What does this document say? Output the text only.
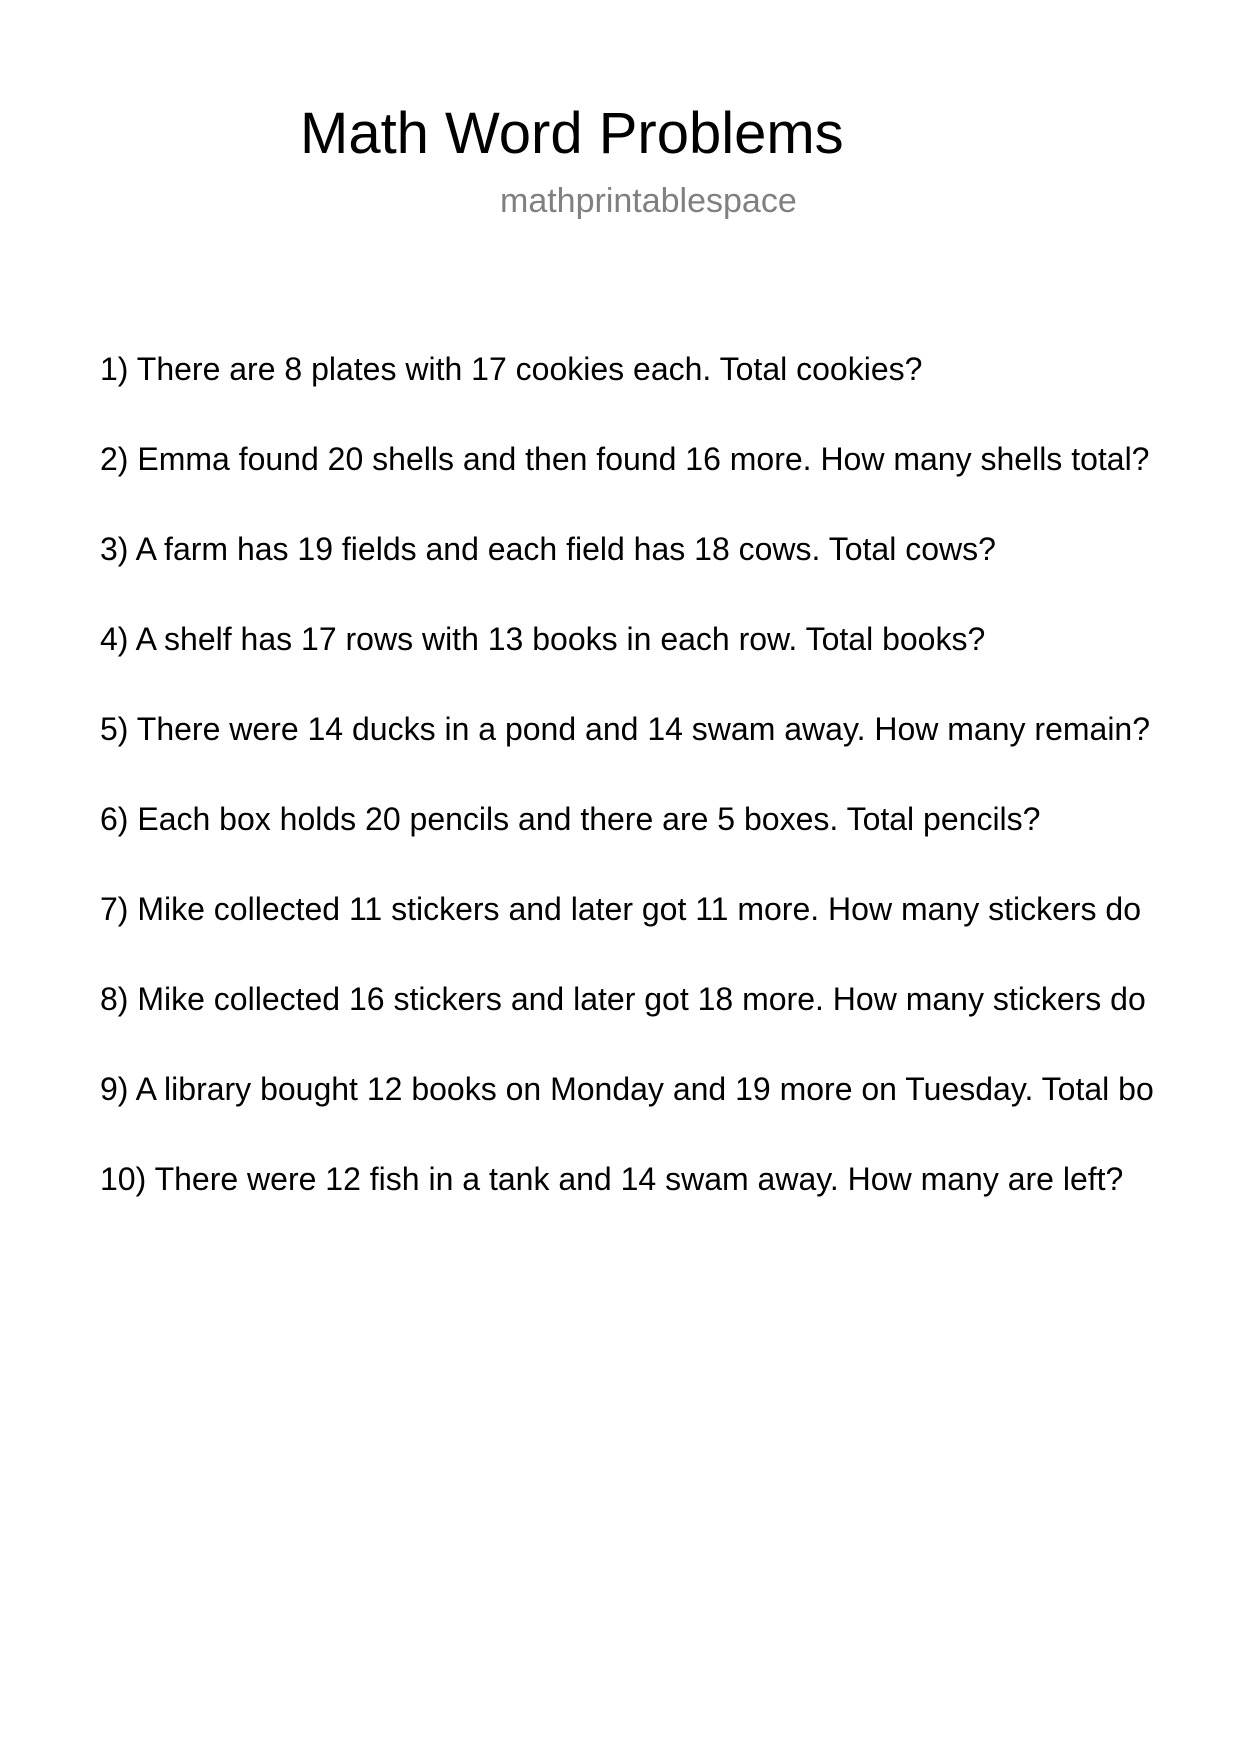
Math Word Problems
mathprintablespace
1) There are 8 plates with 17 cookies each. Total cookies?
2) Emma found 20 shells and then found 16 more. How many shells total?
3) A farm has 19 fields and each field has 18 cows. Total cows?
4) A shelf has 17 rows with 13 books in each row. Total books?
5) There were 14 ducks in a pond and 14 swam away. How many remain?
6) Each box holds 20 pencils and there are 5 boxes. Total pencils?
7) Mike collected 11 stickers and later got 11 more. How many stickers do
8) Mike collected 16 stickers and later got 18 more. How many stickers do
9) A library bought 12 books on Monday and 19 more on Tuesday. Total bo
10) There were 12 fish in a tank and 14 swam away. How many are left?
